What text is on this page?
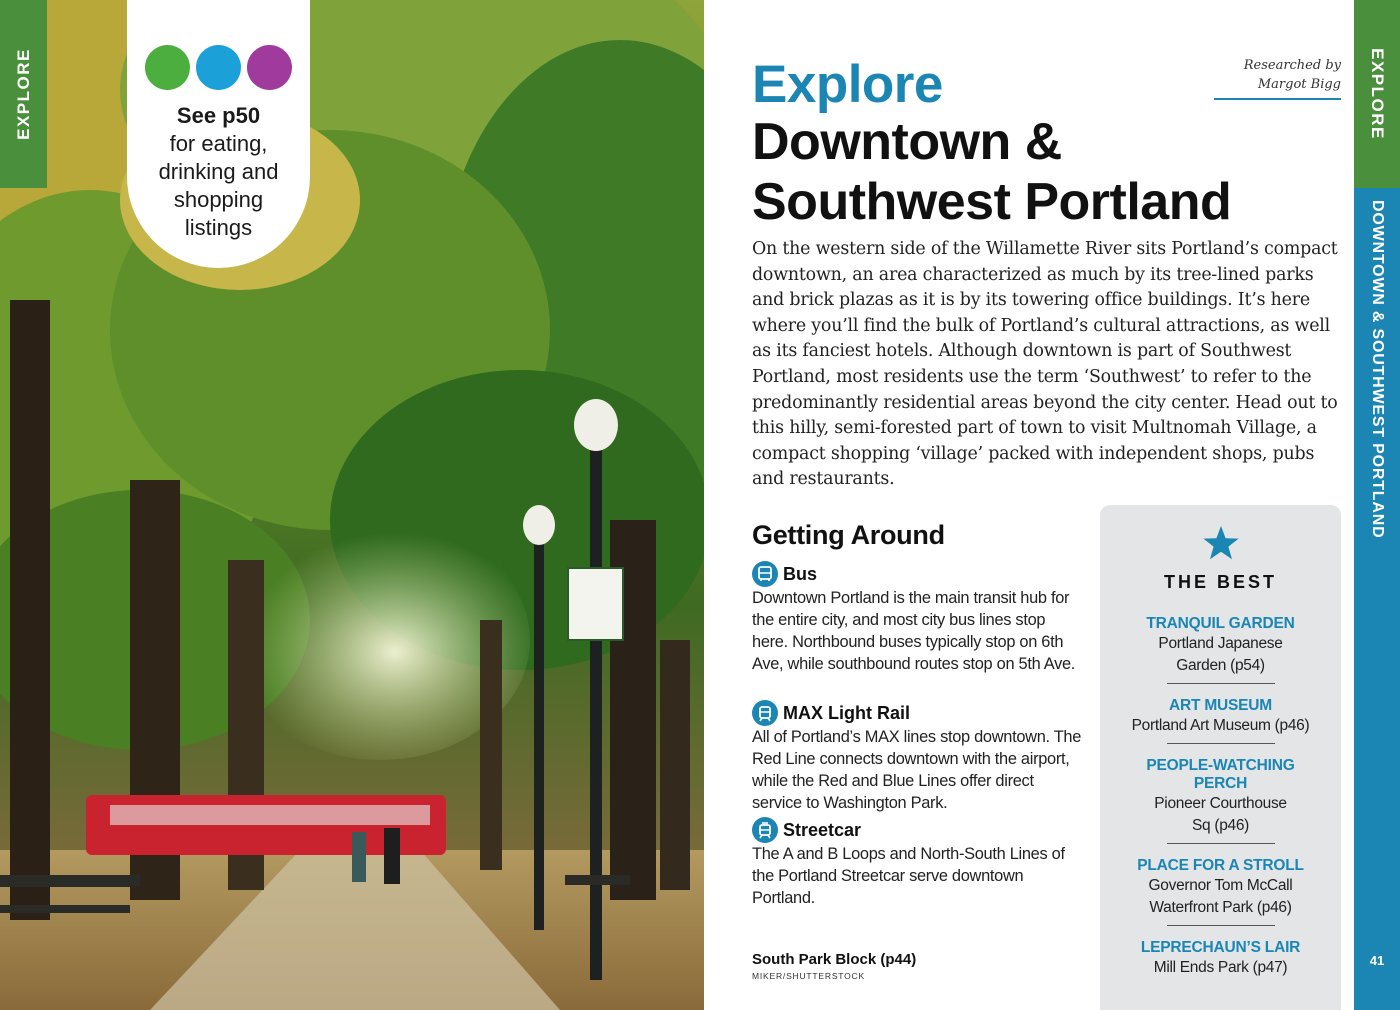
EXPLORE	See p50
for eating,
drinking and
shopping
listings
EXPLORE
DOWNTOWN & SOUTHWEST PORTLAND
41
Researched by
Margot Bigg
Explore
Downtown &
Southwest Portland

On the western side of the Willamette River sits Portland’s compact downtown, an area characterized as much by its tree-lined parks and brick plazas as it is by its towering office buildings. It’s here where you’ll find the bulk of Portland’s cultural attractions, as well as its fanciest hotels. Although downtown is part of Southwest Portland, most residents use the term ‘Southwest’ to refer to the predominantly residential areas beyond the city center. Head out to this hilly, semi-forested part of town to visit Multnomah Village, a compact shopping ‘village’ packed with independent shops, pubs and restaurants.

Getting Around
Bus
Downtown Portland is the main transit hub for the entire city, and most city bus lines stop here. Northbound buses typically stop on 6th Ave, while southbound routes stop on 5th Ave.
MAX Light Rail
All of Portland’s MAX lines stop downtown. The Red Line connects downtown with the airport, while the Red and Blue Lines offer direct service to Washington Park.
Streetcar
The A and B Loops and North-South Lines of the Portland Streetcar serve downtown Portland.
South Park Block (p44)
MIKER/SHUTTERSTOCK
THE BEST
TRANQUIL GARDEN
Portland Japanese
Garden (p54)
ART MUSEUM
Portland Art Museum (p46)
PEOPLE-WATCHING PERCH
Pioneer Courthouse
Sq (p46)
PLACE FOR A STROLL
Governor Tom McCall
Waterfront Park (p46)
LEPRECHAUN’S LAIR
Mill Ends Park (p47)
